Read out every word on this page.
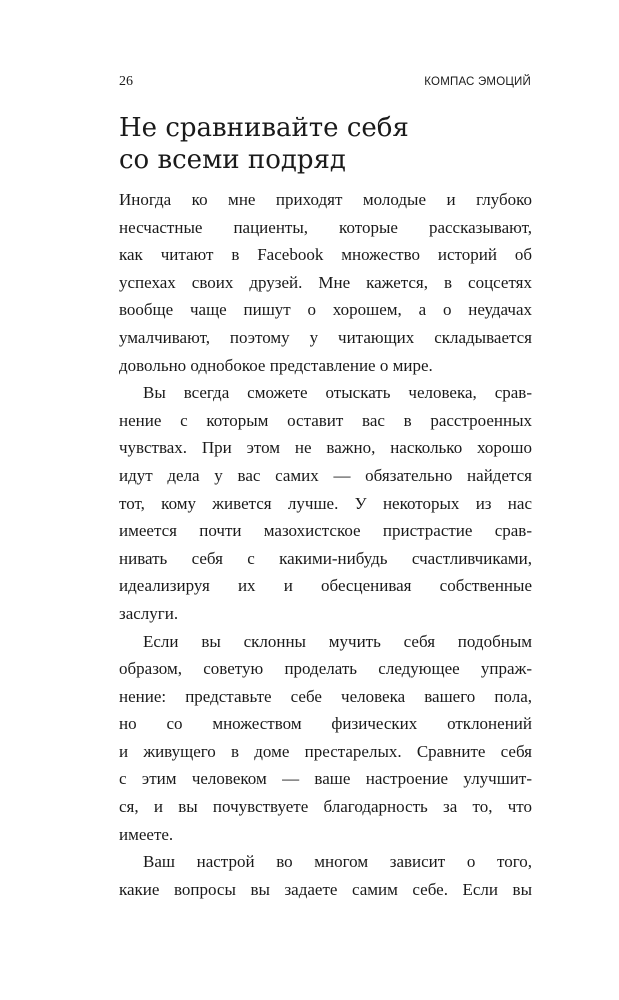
26	КОМПАС ЭМОЦИЙ
Не сравнивайте себя
со всеми подряд
Иногда ко мне приходят молодые и глубоко
несчастные пациенты, которые рассказывают,
как читают в Facebook множество историй об
успехах своих друзей. Мне кажется, в соцсетях
вообще чаще пишут о хорошем, а о неудачах
умалчивают, поэтому у читающих складывается
довольно однобокое представление о мире.
Вы всегда сможете отыскать человека, срав-
нение с которым оставит вас в расстроенных
чувствах. При этом не важно, насколько хорошо
идут дела у вас самих — обязательно найдется
тот, кому живется лучше. У некоторых из нас
имеется почти мазохистское пристрастие срав-
нивать себя с какими-нибудь счастливчиками,
идеализируя их и обесценивая собственные
заслуги.
Если вы склонны мучить себя подобным
образом, советую проделать следующее упраж-
нение: представьте себе человека вашего пола,
но со множеством физических отклонений
и живущего в доме престарелых. Сравните себя
с этим человеком — ваше настроение улучшит-
ся, и вы почувствуете благодарность за то, что
имеете.
Ваш настрой во многом зависит о того,
какие вопросы вы задаете самим себе. Если вы
